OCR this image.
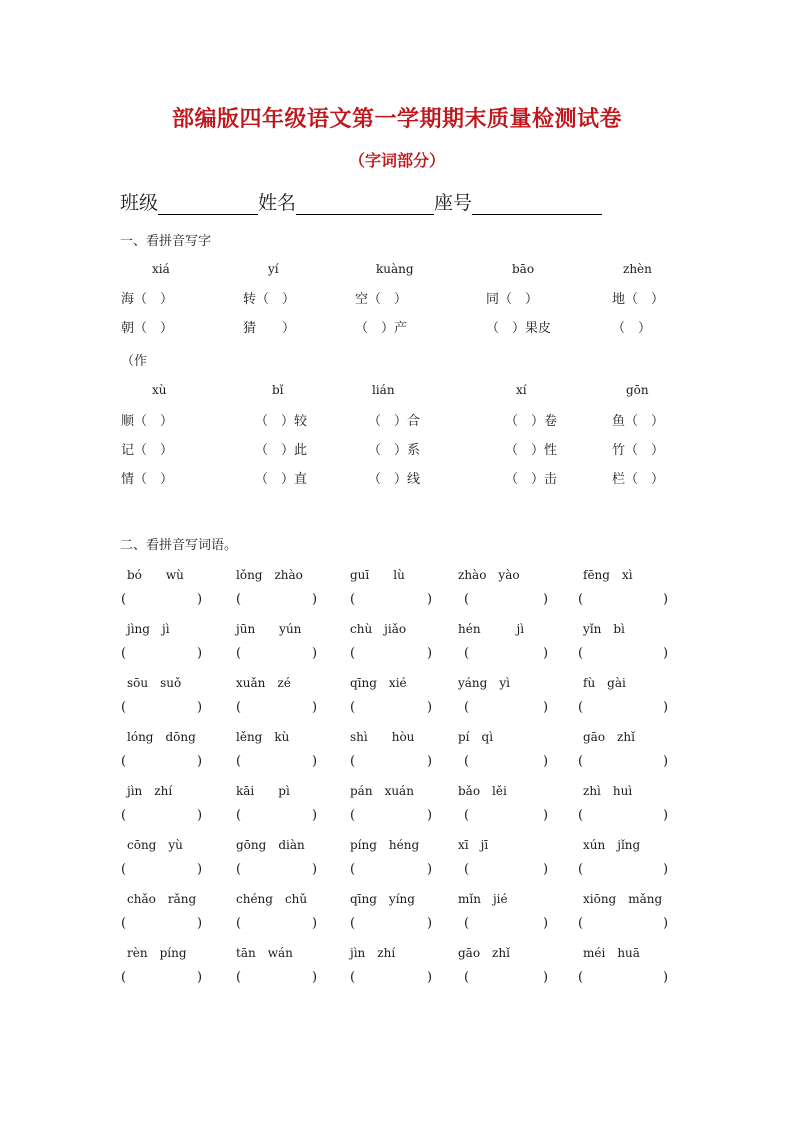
部编版四年级语文第一学期期末质量检测试卷
（字词部分）
班级	姓名	座号
一、看拼音写字
xiá	yí	kuàng	bāo	zhèn
海（　）	转（　）	空（　）	同（　）	地（　）
朝（　）	猜　　）	（　）产	（　）果皮	（　）
（作
xù	bǐ	lián	xí	gōn
顺（　）	（　）较	（　）合	（　）卷	鱼（　）
记（　）	（　）此	（　）系	（　）性	竹（　）
情（　）	（　）直	（　）线	（　）击	栏（　）
二、看拼音写词语。
bó　　wù	lǒng　zhào	guī　　lù	zhào　yào	fēng　xì
(	)	(	)	(	) (	) (	)
jìng　jì	jūn　　yún	chù　jiǎo	hén　　　jì	yǐn　bì
(	)	(	)	(	) (	) (	)
sōu　suǒ	xuǎn　zé	qīng　xié	yáng　yì	fù　gài
(	)	(	)	(	) (	) (	)
lóng　dōng	lěng　kù	shì　　hòu	pí　qì	gāo　zhǐ
(	)	(	)	(	) (	) (	)
jìn　zhí	kāi　　pì	pán　xuán	bǎo　lěi	zhì　huì
(	)	(	)	(	) (	) (	)
cōng　yù	gōng　diàn	píng　héng	xī　jī	xún　jǐng
(	)	(	)	(	) (	) (	)
chǎo　rǎng	chéng　chǔ	qīng　yíng	mǐn　jié	xiōng　mǎng
(	)	(	)	(	) (	) (	)
rèn　píng	tān　wán	jìn　zhí	gāo　zhǐ	méi　huā
(	)	(	)	(	) (	) (	)
